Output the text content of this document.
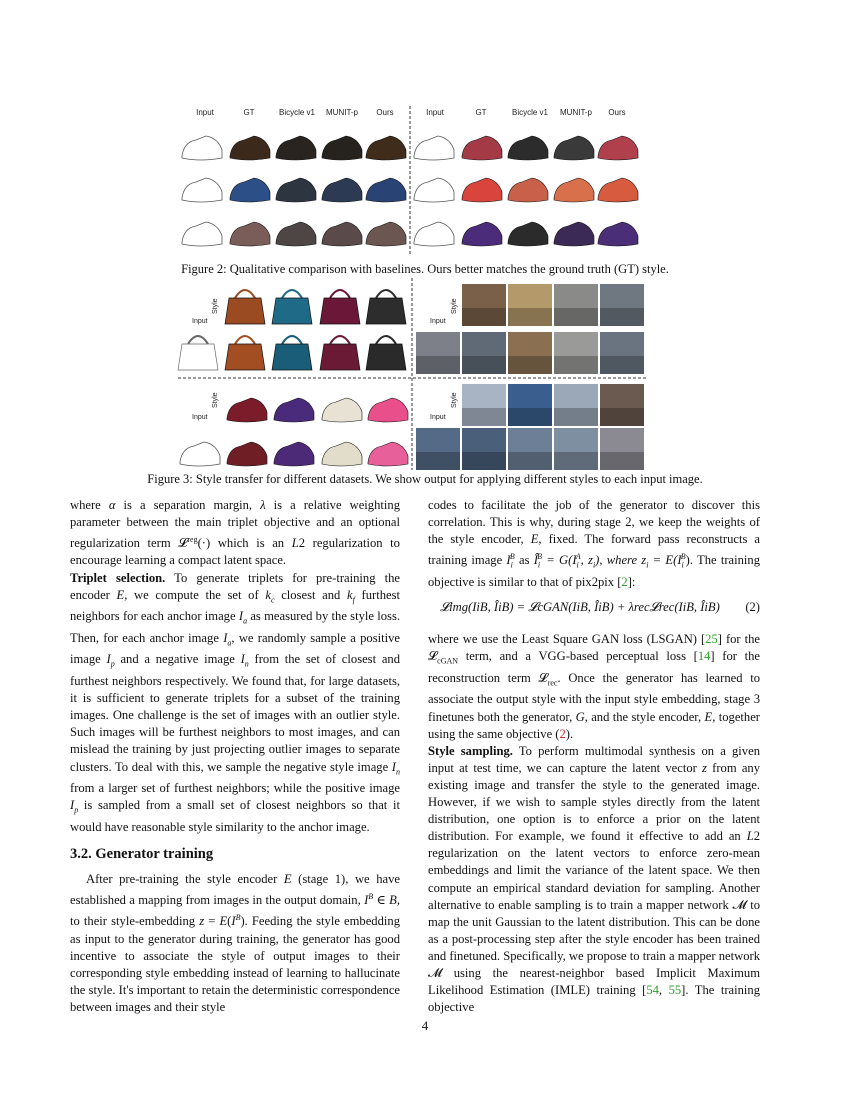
Input	GT	Bicycle v1	MUNIT-p	Ours	Input	GT	Bicycle v1	MUNIT-p	Ours
Figure 2: Qualitative comparison with baselines. Ours better matches the ground truth (GT) style.
Style
Input
Style
Input
Style
Input
Style
Input
Figure 3: Style transfer for different datasets. We show output for applying different styles to each input image.

where α is a separation margin, λ is a relative weighting parameter between the main triplet objective and an optional regularization term 𝓛$^{reg}$(·) which is an L2 regularization to encourage learning a compact latent space.

Triplet selection. To generate triplets for pre-training the encoder E, we compute the set of $k_c$ closest and $k_f$ furthest neighbors for each anchor image $I_a$ as measured by the style loss. Then, for each anchor image $I_a$, we randomly sample a positive image $I_p$ and a negative image $I_n$ from the set of closest and furthest neighbors respectively. We found that, for large datasets, it is sufficient to generate triplets for a subset of the training images. One challenge is the set of images with an outlier style. Such images will be furthest neighbors to most images, and can mislead the training by just projecting outlier images to separate clusters. To deal with this, we sample the negative style image $I_n$ from a larger set of furthest neighbors; while the positive image $I_p$ is sampled from a small set of closest neighbors so that it would have reasonable style similarity to the anchor image.

3.2. Generator training

After pre-training the style encoder E (stage 1), we have established a mapping from images in the output domain, $I^B$ ∈ B, to their style-embedding $z = E(I^B)$. Feeding the style embedding as input to the generator during training, the generator has good incentive to associate the style of output images to their corresponding style embedding instead of learning to hallucinate the style. It's important to retain the deterministic correspondence between images and their style

codes to facilitate the job of the generator to discover this correlation. This is why, during stage 2, we keep the weights of the style encoder, E, fixed. The forward pass reconstructs a training image $I_i^B$ as $Î_i^B = G(I_i^A$, $z_i$), where $z_i = E(I_i^B)$. The training objective is similar to that of pix2pix [2]:

𝓛img(IiB, ÎiB) = 𝓛cGAN(IiB, ÎiB) + λrec𝓛rec(IiB, ÎiB) (2)

where we use the Least Square GAN loss (LSGAN) [25] for the 𝓛$_{cGAN}$ term, and a VGG-based perceptual loss [14] for the reconstruction term 𝓛$_{rec}$. Once the generator has learned to associate the output style with the input style embedding, stage 3 finetunes both the generator, G, and the style encoder, E, together using the same objective (2).

Style sampling. To perform multimodal synthesis on a given input at test time, we can capture the latent vector z from any existing image and transfer the style to the generated image. However, if we wish to sample styles directly from the latent distribution, one option is to enforce a prior on the latent distribution. For example, we found it effective to add an L2 regularization on the latent vectors to enforce zero-mean embeddings and limit the variance of the latent space. We then compute an empirical standard deviation for sampling. Another alternative to enable sampling is to train a mapper network 𝓜 to map the unit Gaussian to the latent distribution. This can be done as a post-processing step after the style encoder has been trained and finetuned. Specifically, we propose to train a mapper network 𝓜 using the nearest-neighbor based Implicit Maximum Likelihood Estimation (IMLE) training [54, 55]. The training objective

4
